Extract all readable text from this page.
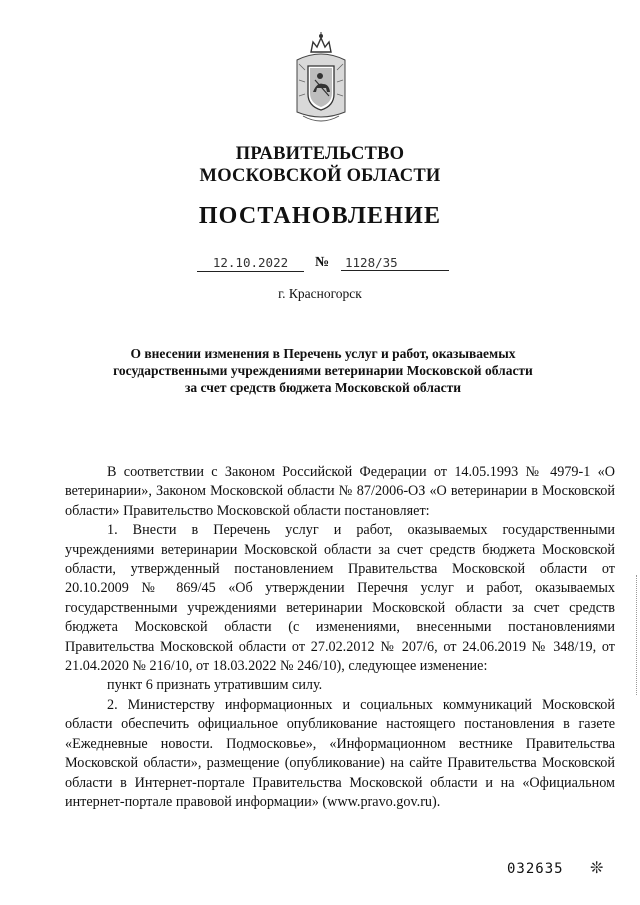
ПРАВИТЕЛЬСТВО
МОСКОВСКОЙ ОБЛАСТИ
ПОСТАНОВЛЕНИЕ
12.10.2022	№	1128/35
г. Красногорск
О внесении изменения в Перечень услуг и работ, оказываемых
государственными учреждениями ветеринарии Московской области
за счет средств бюджета Московской области

В соответствии с Законом Российской Федерации от 14.05.1993 № 4979-1 «О ветеринарии», Законом Московской области № 87/2006-ОЗ «О ветеринарии в Московской области» Правительство Московской области постановляет:

1. Внести в Перечень услуг и работ, оказываемых государственными учреждениями ветеринарии Московской области за счет средств бюджета Московской области, утвержденный постановлением Правительства Московской области от 20.10.2009 № 869/45 «Об утверждении Перечня услуг и работ, оказываемых государственными учреждениями ветеринарии Московской области за счет средств бюджета Московской области (с изменениями, внесенными постановлениями Правительства Московской области от 27.02.2012 № 207/6, от 24.06.2019 № 348/19, от 21.04.2020 № 216/10, от 18.03.2022 № 246/10), следующее изменение:

пункт 6 признать утратившим силу.

2. Министерству информационных и социальных коммуникаций Московской области обеспечить официальное опубликование настоящего постановления в газете «Ежедневные новости. Подмосковье», «Информационном вестнике Правительства Московской области», размещение (опубликование) на сайте Правительства Московской области в Интернет-портале Правительства Московской области и на «Официальном интернет-портале правовой информации» (www.pravo.gov.ru).

032635 ❊
